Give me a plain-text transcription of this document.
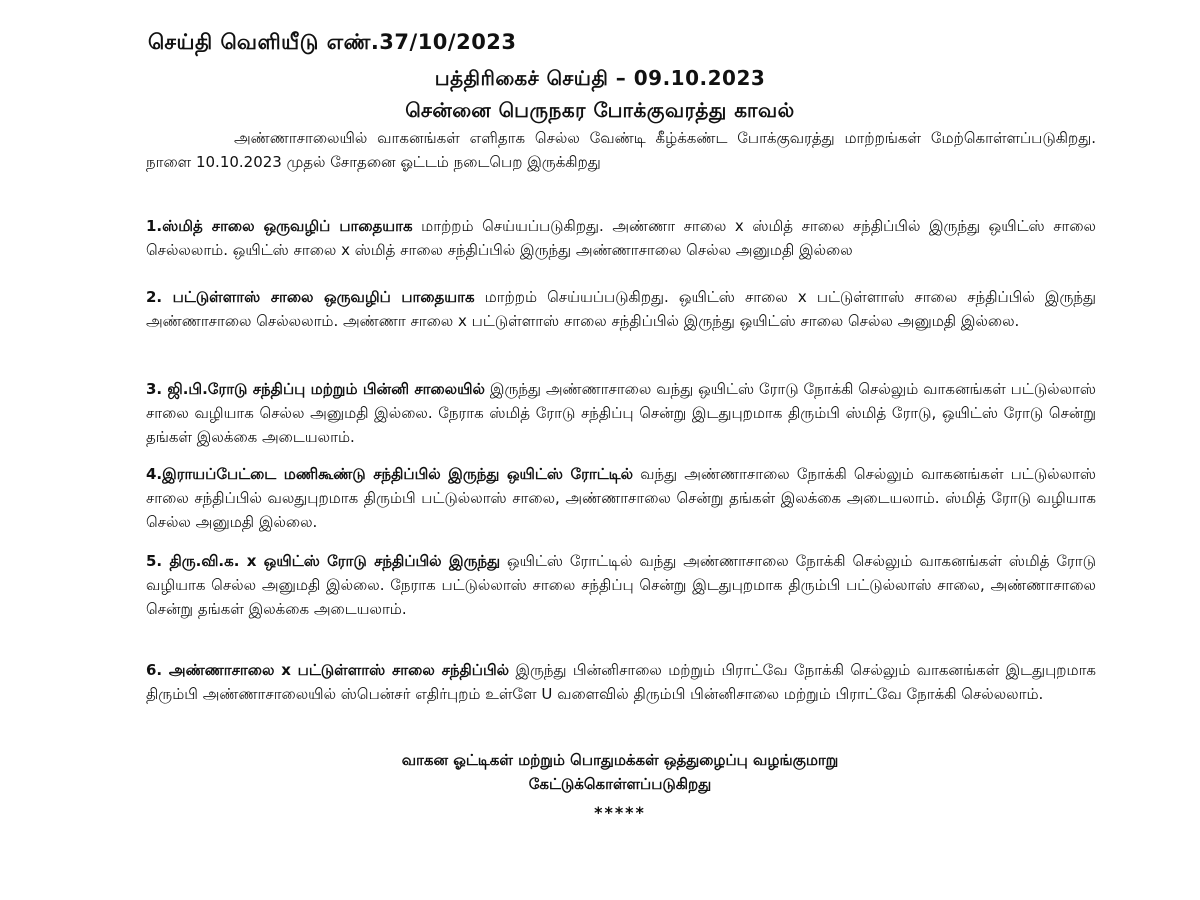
செய்தி வெளியீடு எண்.37/10/2023
பத்திரிகைச் செய்தி – 09.10.2023
சென்னை பெருநகர போக்குவரத்து காவல்

அண்ணாசாலையில் வாகனங்கள் எளிதாக செல்ல வேண்டி கீழ்க்கண்ட போக்குவரத்து மாற்றங்கள் மேற்கொள்ளப்படுகிறது. நாளை 10.10.2023 முதல் சோதனை ஓட்டம் நடைபெற இருக்கிறது

1.ஸ்மித் சாலை ஒருவழிப் பாதையாக மாற்றம் செய்யப்படுகிறது. அண்ணா சாலை x ஸ்மித் சாலை சந்திப்பில் இருந்து ஒயிட்ஸ் சாலை செல்லலாம். ஒயிட்ஸ் சாலை x ஸ்மித் சாலை சந்திப்பில் இருந்து அண்ணாசாலை செல்ல அனுமதி இல்லை

2. பட்டுள்ளாஸ் சாலை ஒருவழிப் பாதையாக மாற்றம் செய்யப்படுகிறது. ஒயிட்ஸ் சாலை x பட்டுள்ளாஸ் சாலை சந்திப்பில் இருந்து அண்ணாசாலை செல்லலாம். அண்ணா சாலை x பட்டுள்ளாஸ் சாலை சந்திப்பில் இருந்து ஒயிட்ஸ் சாலை செல்ல அனுமதி இல்லை.

3. ஜி.பி.ரோடு சந்திப்பு மற்றும் பின்னி சாலையில் இருந்து அண்ணாசாலை வந்து ஒயிட்ஸ் ரோடு நோக்கி செல்லும் வாகனங்கள் பட்டுல்லாஸ் சாலை வழியாக செல்ல அனுமதி இல்லை. நேராக ஸ்மித் ரோடு சந்திப்பு சென்று இடதுபுறமாக திரும்பி ஸ்மித் ரோடு, ஒயிட்ஸ் ரோடு சென்று தங்கள் இலக்கை அடையலாம்.

4.இராயப்பேட்டை மணிகூண்டு சந்திப்பில் இருந்து ஒயிட்ஸ் ரோட்டில் வந்து அண்ணாசாலை நோக்கி செல்லும் வாகனங்கள் பட்டுல்லாஸ் சாலை சந்திப்பில் வலதுபுறமாக திரும்பி பட்டுல்லாஸ் சாலை, அண்ணாசாலை சென்று தங்கள் இலக்கை அடையலாம். ஸ்மித் ரோடு வழியாக செல்ல அனுமதி இல்லை.

5. திரு.வி.க. x ஒயிட்ஸ் ரோடு சந்திப்பில் இருந்து ஒயிட்ஸ் ரோட்டில் வந்து அண்ணாசாலை நோக்கி செல்லும் வாகனங்கள் ஸ்மித் ரோடு வழியாக செல்ல அனுமதி இல்லை. நேராக பட்டுல்லாஸ் சாலை சந்திப்பு சென்று இடதுபுறமாக திரும்பி பட்டுல்லாஸ் சாலை, அண்ணாசாலை சென்று தங்கள் இலக்கை அடையலாம்.

6. அண்ணாசாலை x பட்டுள்ளாஸ் சாலை சந்திப்பில் இருந்து பின்னிசாலை மற்றும் பிராட்வே நோக்கி செல்லும் வாகனங்கள் இடதுபுறமாக திரும்பி அண்ணாசாலையில் ஸ்பென்சர் எதிர்புறம் உள்ளே U வளைவில் திரும்பி பின்னிசாலை மற்றும் பிராட்வே நோக்கி செல்லலாம்.

வாகன ஓட்டிகள் மற்றும் பொதுமக்கள் ஒத்துழைப்பு வழங்குமாறு
கேட்டுக்கொள்ளப்படுகிறது
*****
